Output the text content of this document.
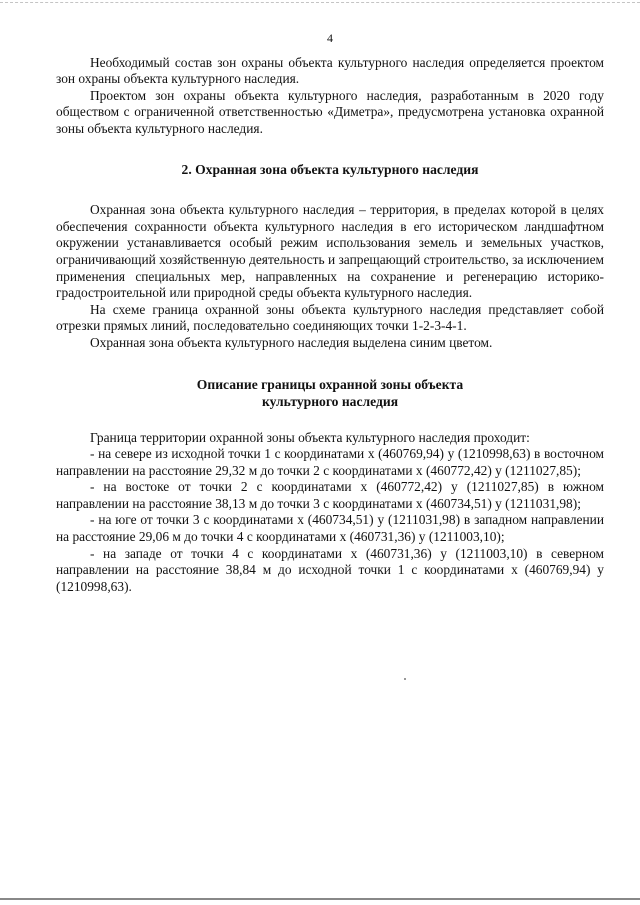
4

Необходимый состав зон охраны объекта культурного наследия определяется проектом зон охраны объекта культурного наследия.

Проектом зон охраны объекта культурного наследия, разработанным в 2020 году обществом с ограниченной ответственностью «Диметра», предусмотрена установка охранной зоны объекта культурного наследия.

2. Охранная зона объекта культурного наследия

Охранная зона объекта культурного наследия – территория, в пределах которой в целях обеспечения сохранности объекта культурного наследия в его историческом ландшафтном окружении устанавливается особый режим использования земель и земельных участков, ограничивающий хозяйственную деятельность и запрещающий строительство, за исключением применения специальных мер, направленных на сохранение и регенерацию историко-градостроительной или природной среды объекта культурного наследия.

На схеме граница охранной зоны объекта культурного наследия представляет собой отрезки прямых линий, последовательно соединяющих точки 1-2-3-4-1.

Охранная зона объекта культурного наследия выделена синим цветом.

Описание границы охранной зоны объекта
культурного наследия

Граница территории охранной зоны объекта культурного наследия проходит:

- на севере из исходной точки 1 с координатами х (460769,94) у (1210998,63) в восточном направлении на расстояние 29,32 м до точки 2 с координатами х (460772,42) у (1211027,85);

- на востоке от точки 2 с координатами х (460772,42) у (1211027,85) в южном направлении на расстояние 38,13 м до точки 3 с координатами х (460734,51) у (1211031,98);

- на юге от точки 3 с координатами х (460734,51) у (1211031,98) в западном направлении на расстояние 29,06 м до точки 4 с координатами х (460731,36) у (1211003,10);

- на западе от точки 4 с координатами х (460731,36) у (1211003,10) в северном направлении на расстояние 38,84 м до исходной точки 1 с координатами х (460769,94) у (1210998,63).
